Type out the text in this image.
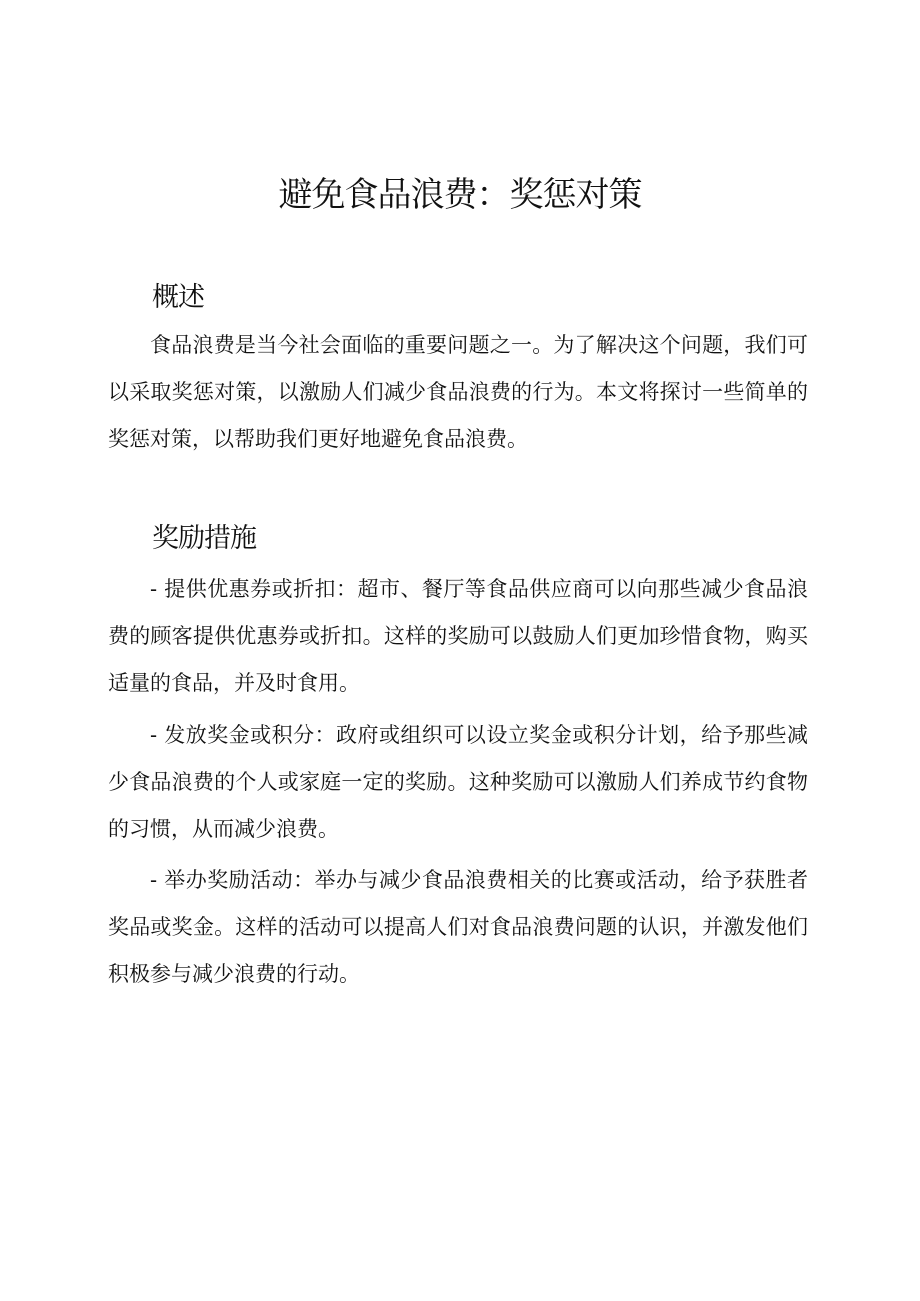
避免食品浪费：奖惩对策
概述

食品浪费是当今社会面临的重要问题之一。为了解决这个问题，我们可以采取奖惩对策，以激励人们减少食品浪费的行为。本文将探讨一些简单的奖惩对策，以帮助我们更好地避免食品浪费。

奖励措施

- 提供优惠券或折扣：超市、餐厅等食品供应商可以向那些减少食品浪费的顾客提供优惠券或折扣。这样的奖励可以鼓励人们更加珍惜食物，购买适量的食品，并及时食用。

- 发放奖金或积分：政府或组织可以设立奖金或积分计划，给予那些减少食品浪费的个人或家庭一定的奖励。这种奖励可以激励人们养成节约食物的习惯，从而减少浪费。

- 举办奖励活动：举办与减少食品浪费相关的比赛或活动，给予获胜者奖品或奖金。这样的活动可以提高人们对食品浪费问题的认识，并激发他们积极参与减少浪费的行动。
